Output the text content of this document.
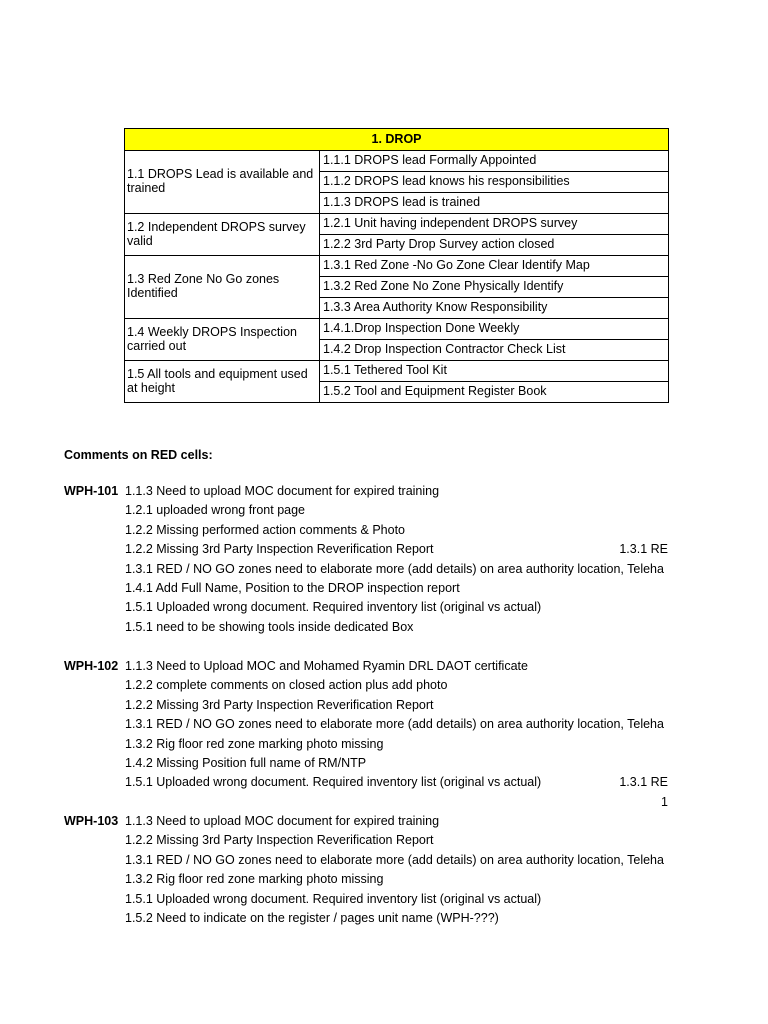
1. DROP	
1.1 DROPS Lead is available and trained	1.1.1 DROPS lead Formally Appointed
	1.1.2 DROPS lead knows his responsibilities
	1.1.3 DROPS lead is trained
1.2 Independent DROPS survey valid	1.2.1 Unit having independent DROPS survey
	1.2.2 3rd Party Drop Survey action closed
1.3 Red Zone No Go zones Identified	1.3.1 Red Zone -No Go Zone Clear Identify Map
	1.3.2 Red Zone No Zone Physically Identify
	1.3.3 Area Authority Know Responsibility
1.4 Weekly DROPS Inspection carried out	1.4.1.Drop Inspection Done Weekly
	1.4.2 Drop Inspection Contractor Check List
1.5 All tools and equipment used at height	1.5.1 Tethered Tool Kit
	1.5.2 Tool and Equipment Register Book
Comments on RED cells:
WPH-101 1.1.3 Need to upload MOC document for expired training
1.2.1 uploaded wrong front page
1.2.2 Missing performed action comments & Photo
1.2.2 Missing 3rd Party Inspection Reverification Report	1.3.1 RE
1.3.1 RED / NO GO zones need to elaborate more (add details) on area authority location, Teleha
1.4.1 Add Full Name, Position to the DROP inspection report
1.5.1 Uploaded wrong document. Required inventory list (original vs actual)
1.5.1 need to be showing tools inside dedicated Box
WPH-102 1.1.3 Need to Upload MOC and Mohamed Ryamin DRL DAOT certificate
1.2.2 complete comments on closed action plus add photo
1.2.2 Missing 3rd Party Inspection Reverification Report
1.3.1 RED / NO GO zones need to elaborate more (add details) on area authority location, Teleha
1.3.2 Rig floor red zone marking photo missing
1.4.2 Missing Position full name of RM/NTP
1.5.1 Uploaded wrong document. Required inventory list (original vs actual)	1.3.1 RE
1
WPH-103 1.1.3 Need to upload MOC document for expired training
1.2.2 Missing 3rd Party Inspection Reverification Report
1.3.1 RED / NO GO zones need to elaborate more (add details) on area authority location, Teleha
1.3.2 Rig floor red zone marking photo missing
1.5.1 Uploaded wrong document. Required inventory list (original vs actual)
1.5.2 Need to indicate on the register / pages unit name (WPH-???)
